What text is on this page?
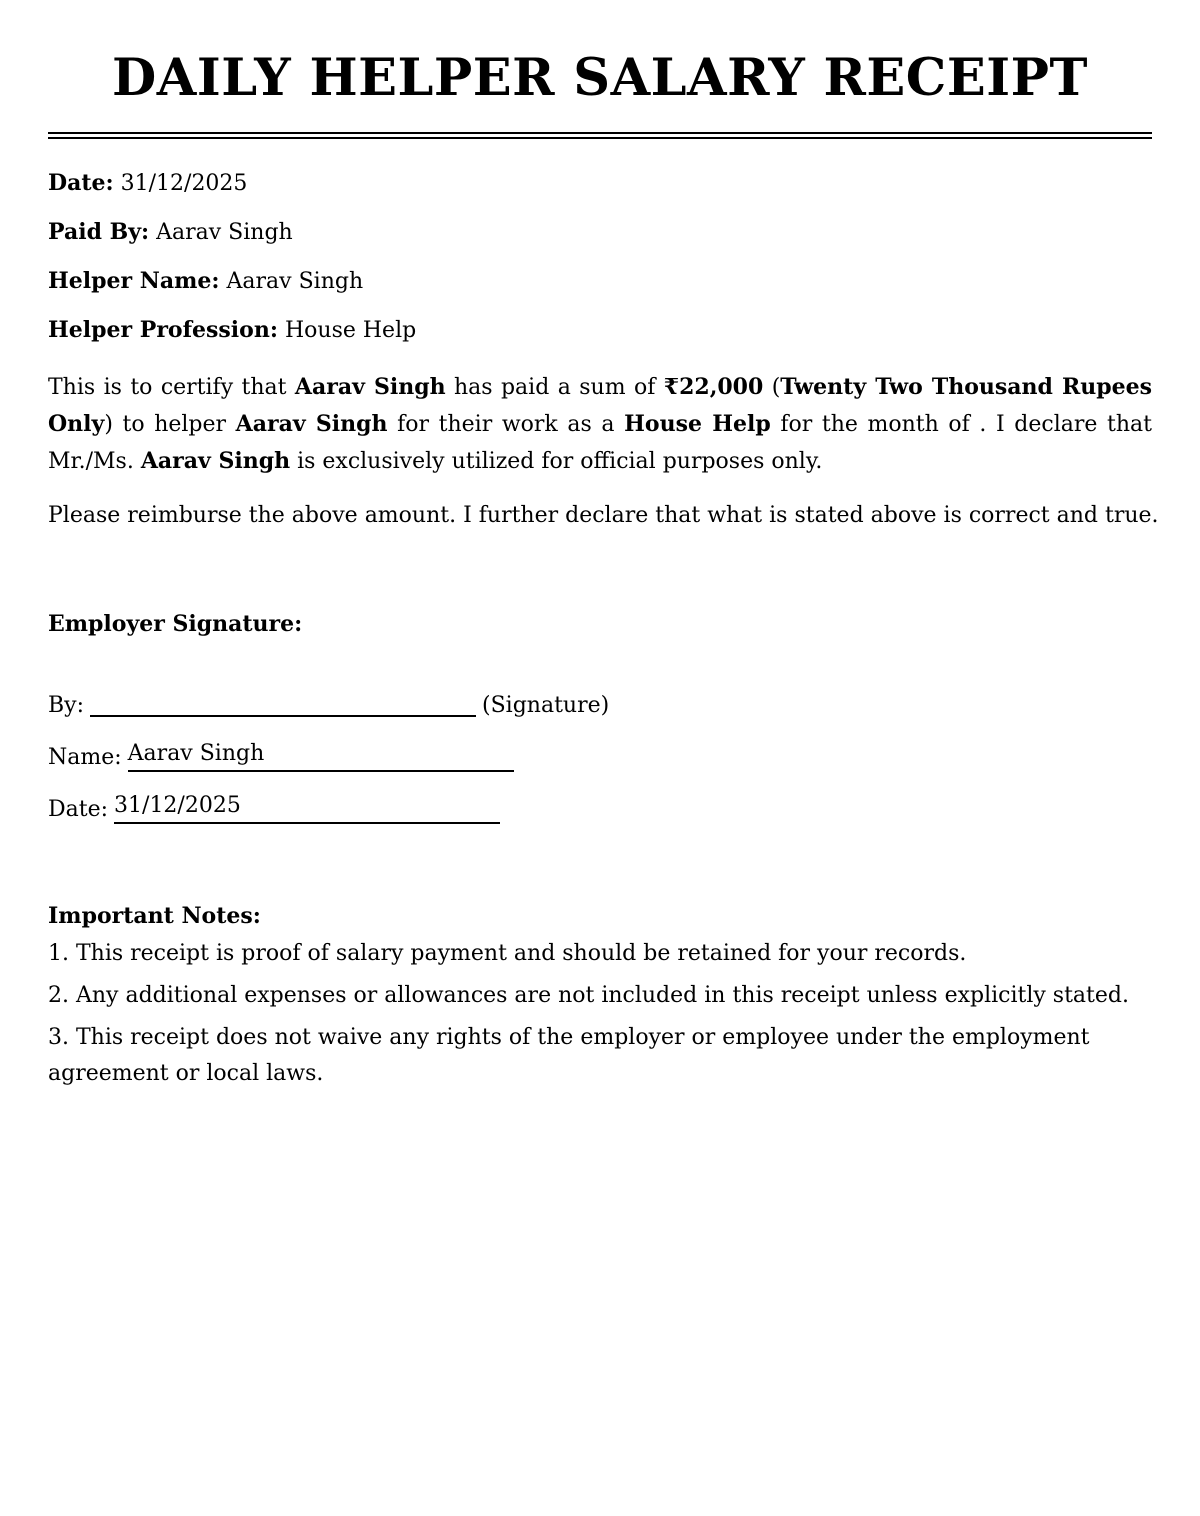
DAILY HELPER SALARY RECEIPT
Date: 31/12/2025
Paid By: Aarav Singh
Helper Name: Aarav Singh
Helper Profession: House Help

This is to certify that Aarav Singh has paid a sum of ₹22,000 (Twenty Two Thousand Rupees Only) to helper Aarav Singh for their work as a House Help for the month of . I declare that Mr./Ms. Aarav Singh is exclusively utilized for official purposes only.

Please reimburse the above amount. I further declare that what is stated above is correct and true.
Employer Signature:
By:	(Signature)
Name: Aarav Singh
Date: 31/12/2025
Important Notes:
1. This receipt is proof of salary payment and should be retained for your records.
2. Any additional expenses or allowances are not included in this receipt unless explicitly stated.
3. This receipt does not waive any rights of the employer or employee under the employment agreement or local laws.
